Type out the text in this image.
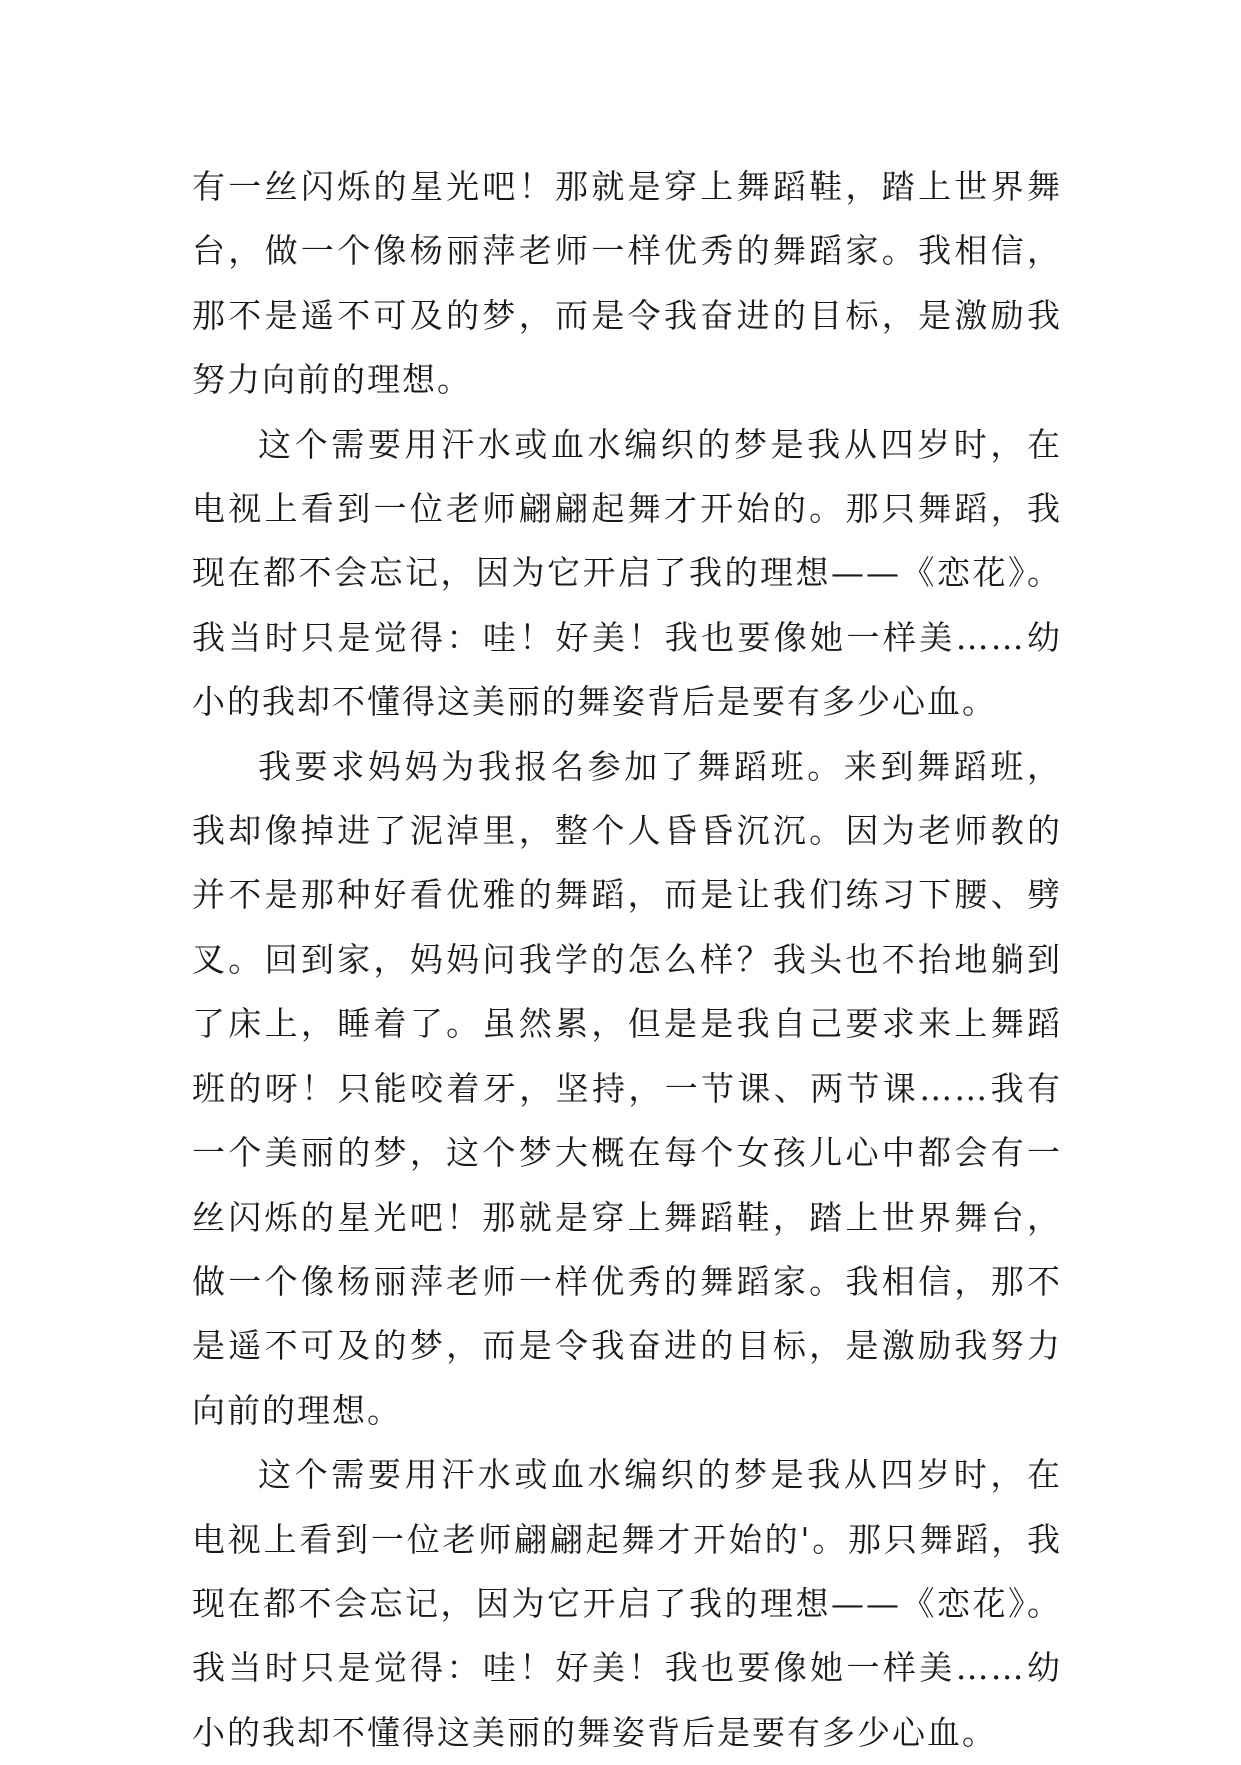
有一丝闪烁的星光吧！那就是穿上舞蹈鞋，踏上世界舞台，做一个像杨丽萍老师一样优秀的舞蹈家。我相信，那不是遥不可及的梦，而是令我奋进的目标，是激励我努力向前的理想。

这个需要用汗水或血水编织的梦是我从四岁时，在电视上看到一位老师翩翩起舞才开始的。那只舞蹈，我现在都不会忘记，因为它开启了我的理想——《恋花》。我当时只是觉得：哇！好美！我也要像她一样美……幼小的我却不懂得这美丽的舞姿背后是要有多少心血。

我要求妈妈为我报名参加了舞蹈班。来到舞蹈班，我却像掉进了泥淖里，整个人昏昏沉沉。因为老师教的并不是那种好看优雅的舞蹈，而是让我们练习下腰、劈叉。回到家，妈妈问我学的怎么样？我头也不抬地躺到了床上，睡着了。虽然累，但是是我自己要求来上舞蹈班的呀！只能咬着牙，坚持，一节课、两节课……我有一个美丽的梦，这个梦大概在每个女孩儿心中都会有一丝闪烁的星光吧！那就是穿上舞蹈鞋，踏上世界舞台，做一个像杨丽萍老师一样优秀的舞蹈家。我相信，那不是遥不可及的梦，而是令我奋进的目标，是激励我努力向前的理想。

这个需要用汗水或血水编织的梦是我从四岁时，在电视上看到一位老师翩翩起舞才开始的'。那只舞蹈，我现在都不会忘记，因为它开启了我的理想——《恋花》。我当时只是觉得：哇！好美！我也要像她一样美……幼小的我却不懂得这美丽的舞姿背后是要有多少心血。
